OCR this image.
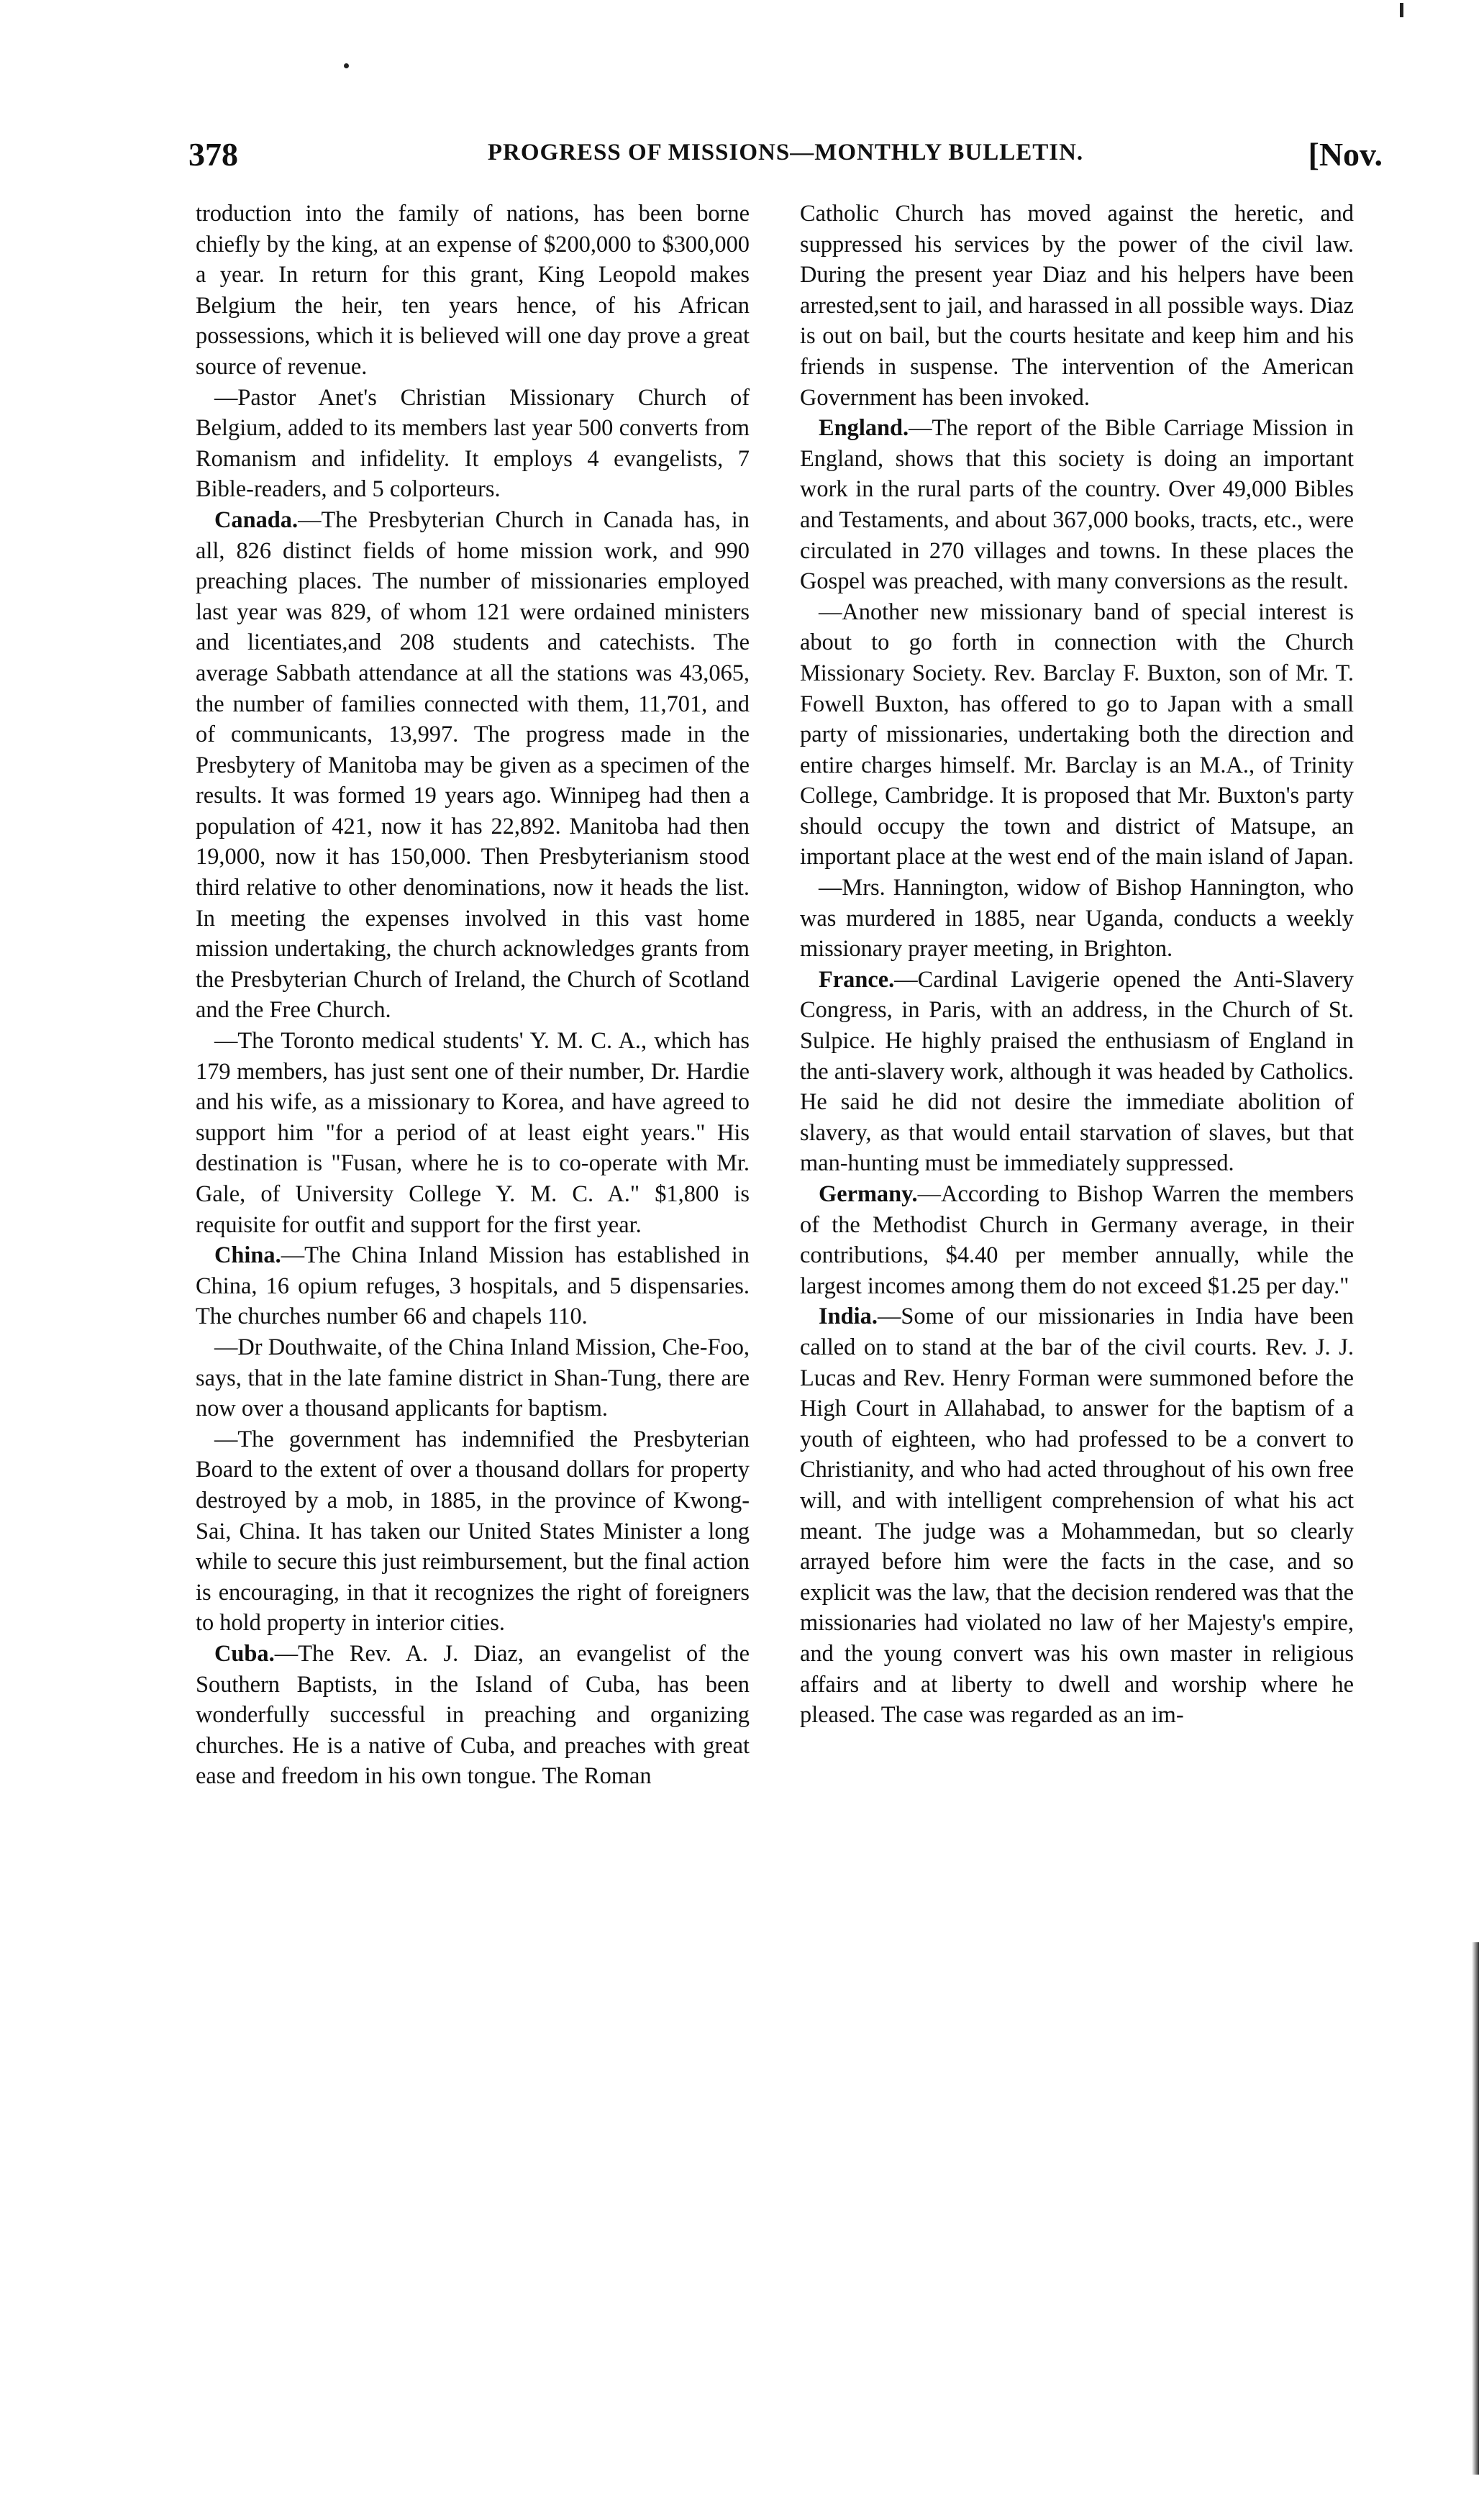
378	PROGRESS OF MISSIONS—MONTHLY BULLETIN.	[Nov.

troduction into the family of nations, has been borne chiefly by the king, at an expense of $200,000 to $300,000 a year. In return for this grant, King Leopold makes Belgium the heir, ten years hence, of his African possessions, which it is believed will one day prove a great source of revenue.

—Pastor Anet's Christian Missionary Church of Belgium, added to its members last year 500 converts from Romanism and infidelity. It employs 4 evangelists, 7 Bible-readers, and 5 colporteurs.

Canada.—The Presbyterian Church in Canada has, in all, 826 distinct fields of home mission work, and 990 preaching places. The number of missionaries employed last year was 829, of whom 121 were ordained ministers and licentiates,and 208 students and catechists. The average Sabbath attendance at all the stations was 43,065, the number of families connected with them, 11,701, and of communicants, 13,997. The progress made in the Presbytery of Manitoba may be given as a specimen of the results. It was formed 19 years ago. Winnipeg had then a population of 421, now it has 22,892. Manitoba had then 19,000, now it has 150,000. Then Presbyterianism stood third relative to other denominations, now it heads the list. In meeting the expenses involved in this vast home mission undertaking, the church acknowledges grants from the Presbyterian Church of Ireland, the Church of Scotland and the Free Church.

—The Toronto medical students' Y. M. C. A., which has 179 members, has just sent one of their number, Dr. Hardie and his wife, as a missionary to Korea, and have agreed to support him "for a period of at least eight years." His destination is "Fusan, where he is to co-operate with Mr. Gale, of University College Y. M. C. A." $1,800 is requisite for outfit and support for the first year.

China.—The China Inland Mission has established in China, 16 opium refuges, 3 hospitals, and 5 dispensaries. The churches number 66 and chapels 110.

—Dr Douthwaite, of the China Inland Mission, Che-Foo, says, that in the late famine district in Shan-Tung, there are now over a thousand applicants for baptism.

—The government has indemnified the Presbyterian Board to the extent of over a thousand dollars for property destroyed by a mob, in 1885, in the province of Kwong-Sai, China. It has taken our United States Minister a long while to secure this just reimbursement, but the final action is encouraging, in that it recognizes the right of foreigners to hold property in interior cities.

Cuba.—The Rev. A. J. Diaz, an evangelist of the Southern Baptists, in the Island of Cuba, has been wonderfully successful in preaching and organizing churches. He is a native of Cuba, and preaches with great ease and freedom in his own tongue. The Roman

Catholic Church has moved against the heretic, and suppressed his services by the power of the civil law. During the present year Diaz and his helpers have been arrested,sent to jail, and harassed in all possible ways. Diaz is out on bail, but the courts hesitate and keep him and his friends in suspense. The intervention of the American Government has been invoked.

England.—The report of the Bible Carriage Mission in England, shows that this society is doing an important work in the rural parts of the country. Over 49,000 Bibles and Testaments, and about 367,000 books, tracts, etc., were circulated in 270 villages and towns. In these places the Gospel was preached, with many conversions as the result.

—Another new missionary band of special interest is about to go forth in connection with the Church Missionary Society. Rev. Barclay F. Buxton, son of Mr. T. Fowell Buxton, has offered to go to Japan with a small party of missionaries, undertaking both the direction and entire charges himself. Mr. Barclay is an M.A., of Trinity College, Cambridge. It is proposed that Mr. Buxton's party should occupy the town and district of Matsupe, an important place at the west end of the main island of Japan.

—Mrs. Hannington, widow of Bishop Hannington, who was murdered in 1885, near Uganda, conducts a weekly missionary prayer meeting, in Brighton.

France.—Cardinal Lavigerie opened the Anti-Slavery Congress, in Paris, with an address, in the Church of St. Sulpice. He highly praised the enthusiasm of England in the anti-slavery work, although it was headed by Catholics. He said he did not desire the immediate abolition of slavery, as that would entail starvation of slaves, but that man-hunting must be immediately suppressed.

Germany.—According to Bishop Warren the members of the Methodist Church in Germany average, in their contributions, $4.40 per member annually, while the largest incomes among them do not exceed $1.25 per day."

India.—Some of our missionaries in India have been called on to stand at the bar of the civil courts. Rev. J. J. Lucas and Rev. Henry Forman were summoned before the High Court in Allahabad, to answer for the baptism of a youth of eighteen, who had professed to be a convert to Christianity, and who had acted throughout of his own free will, and with intelligent comprehension of what his act meant. The judge was a Mohammedan, but so clearly arrayed before him were the facts in the case, and so explicit was the law, that the decision rendered was that the missionaries had violated no law of her Majesty's empire, and the young convert was his own master in religious affairs and at liberty to dwell and worship where he pleased. The case was regarded as an im-
